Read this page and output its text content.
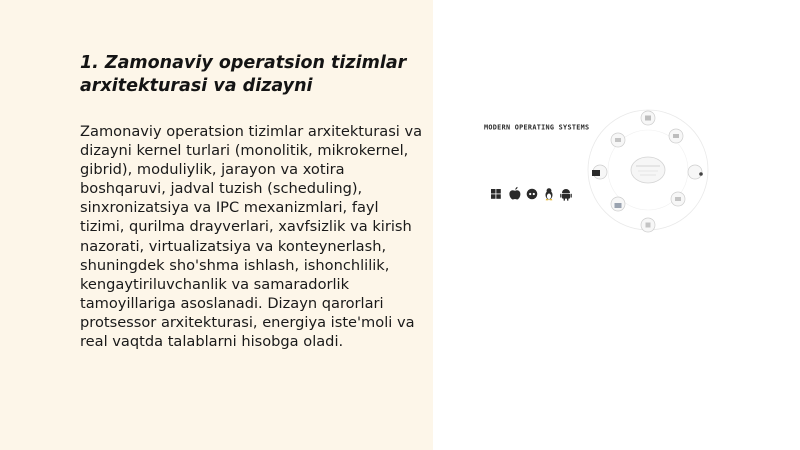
1. Zamonaviy operatsion tizimlar arxitekturasi va dizayni

Zamonaviy operatsion tizimlar arxitekturasi va dizayni kernel turlari (monolitik, mikrokernel, gibrid), moduliylik, jarayon va xotira boshqaruvi, jadval tuzish (scheduling), sinxronizatsiya va IPC mexanizmlari, fayl tizimi, qurilma drayverlari, xavfsizlik va kirish nazorati, virtualizatsiya va konteynerlash, shuningdek sho'shma ishlash, ishonchlilik, kengaytiriluvchanlik va samaradorlik tamoyillariga asoslanadi. Dizayn qarorlari protsessor arxitekturasi, energiya iste'moli va real vaqtda talablarni hisobga oladi.

MODERN OPERATING SYSTEMS
